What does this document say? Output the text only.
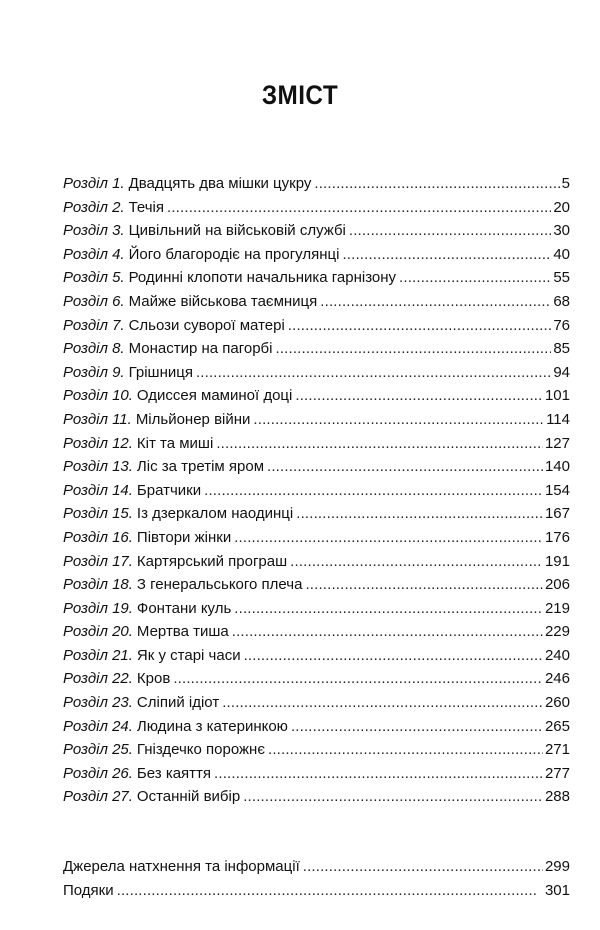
ЗМІСТ
Розділ 1. Двадцять два мішки цукру . . .	5
Розділ 2. Течія . . .	20
Розділ 3. Цивільний на військовій службі . . .	30
Розділ 4. Його благородіє на прогулянці . . .	40
Розділ 5. Родинні клопоти начальника гарнізону . . .	55
Розділ 6. Майже військова таємниця . . .	68
Розділ 7. Сльози суворої матері . . .	76
Розділ 8. Монастир на пагорбі . . .	85
Розділ 9. Грішниця . . .	94
Розділ 10. Одиссея маминої доці . . .	101
Розділ 11. Мільйонер війни . . .	114
Розділ 12. Кіт та миші . . .	127
Розділ 13. Ліс за третім яром . . .	140
Розділ 14. Братчики . . .	154
Розділ 15. Із дзеркалом наодинці . . .	167
Розділ 16. Півтори жінки . . .	176
Розділ 17. Картярський програш . . .	191
Розділ 18. З генеральського плеча . . .	206
Розділ 19. Фонтани куль . . .	219
Розділ 20. Мертва тиша . . .	229
Розділ 21. Як у старі часи . . .	240
Розділ 22. Кров . . .	246
Розділ 23. Сліпий ідіот . . .	260
Розділ 24. Людина з катеринкою . . .	265
Розділ 25. Гніздечко порожнє . . .	271
Розділ 26. Без каяття . . .	277
Розділ 27. Останній вибір . . .	288
Джерела натхнення та інформації . . .	299
Подяки . . .	301
